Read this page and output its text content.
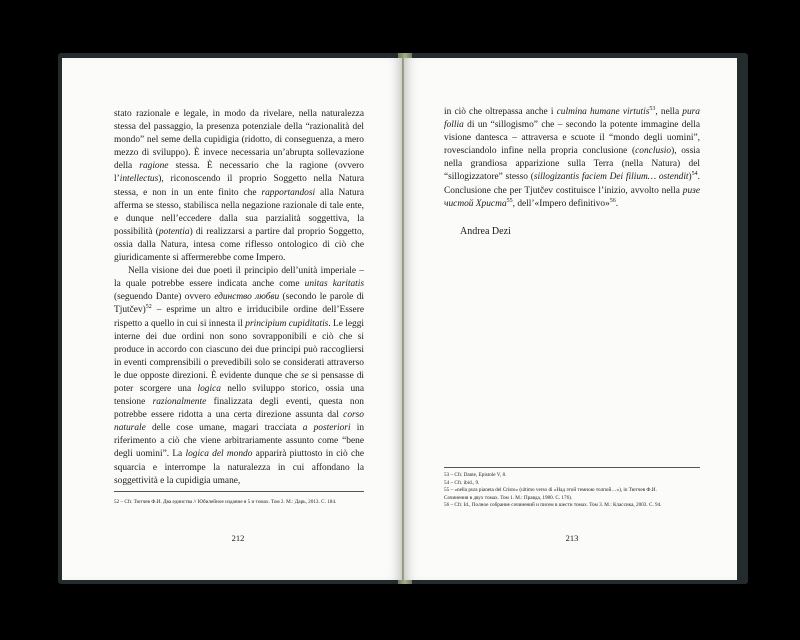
stato razionale e legale, in modo da rivelare, nella naturalezza stessa del passaggio, la presenza potenziale della “razionalità del mondo” nel seme della cupidigia (ridotto, di conseguenza, a mero mezzo di sviluppo). È invece necessaria un’abrupta sollevazione della ragione stessa. È necessario che la ragione (ovvero l’intellectus), riconoscendo il proprio Soggetto nella Natura stessa, e non in un ente finito che rapportandosi alla Natura afferma se stesso, stabilisca nella negazione razionale di tale ente, e dunque nell’eccedere dalla sua parzialità soggettiva, la possibilità (potentia) di realizzarsi a partire dal proprio Soggetto, ossia dalla Natura, intesa come riflesso ontologico di ciò che giuridicamente si affermerebbe come Impero.

Nella visione dei due poeti il principio dell’unità imperiale – la quale potrebbe essere indicata anche come unitas karitatis (seguendo Dante) ovvero единство любви (secondo le parole di Tjutčev)$^{52}$ – esprime un altro e irriducibile ordine dell’Essere rispetto a quello in cui si innesta il principium cupiditatis. Le leggi interne dei due ordini non sono sovrapponibili e ciò che si produce in accordo con ciascuno dei due principi può raccogliersi in eventi comprensibili o prevedibili solo se considerati attraverso le due opposte direzioni. È evidente dunque che se si pensasse di poter scorgere una logica nello sviluppo storico, ossia una tensione razionalmente finalizzata degli eventi, questa non potrebbe essere ridotta a una certa direzione assunta dal corso naturale delle cose umane, magari tracciata a posteriori in riferimento a ciò che viene arbitrariamente assunto come “bene degli uomini”. La logica del mondo apparirà piuttosto in ciò che squarcia e interrompe la naturalezza in cui affondano la soggettività e la cupidigia umane,

52 – Cfr. Тютчев Ф.И. Два единства // Юбилейное издание в 5 и томах. Том 2. М.: Дарь, 2013. С. 184.
212

in ciò che oltrepassa anche i culmina humane virtutis$^{53}$, nella pura follia di un “sillogismo” che – secondo la potente immagine della visione dantesca – attraversa e scuote il “mondo degli uomini”, rovesciandolo infine nella propria conclusione (conclusio), ossia nella grandiosa apparizione sulla Terra (nella Natura) del “sillogizzatore” stesso (sillogizantis faciem Dei filium… ostendit)$^{54}$. Conclusione che per Tjutčev costituisce l’inizio, avvolto nella ризе чистой Христа$^{55}$, dell’«Impero definitivo»$^{56}$.

Andrea Dezi
53 – Cfr. Dante, Epistole V, 8.
54 – Cfr. ibid., 9.
55 – «nella pura pianeta del Cristo» (ultimo verso di «Над этой темною толпой…»), in Тютчев Ф.И.
Сочинения в двух томах. Том 1. М.: Правда, 1980. С. 176).
56 – Cfr. Id., Полное собрание сочинений и писем в шести томах. Том 3. М.: Классика, 2003. С. 94.
213
